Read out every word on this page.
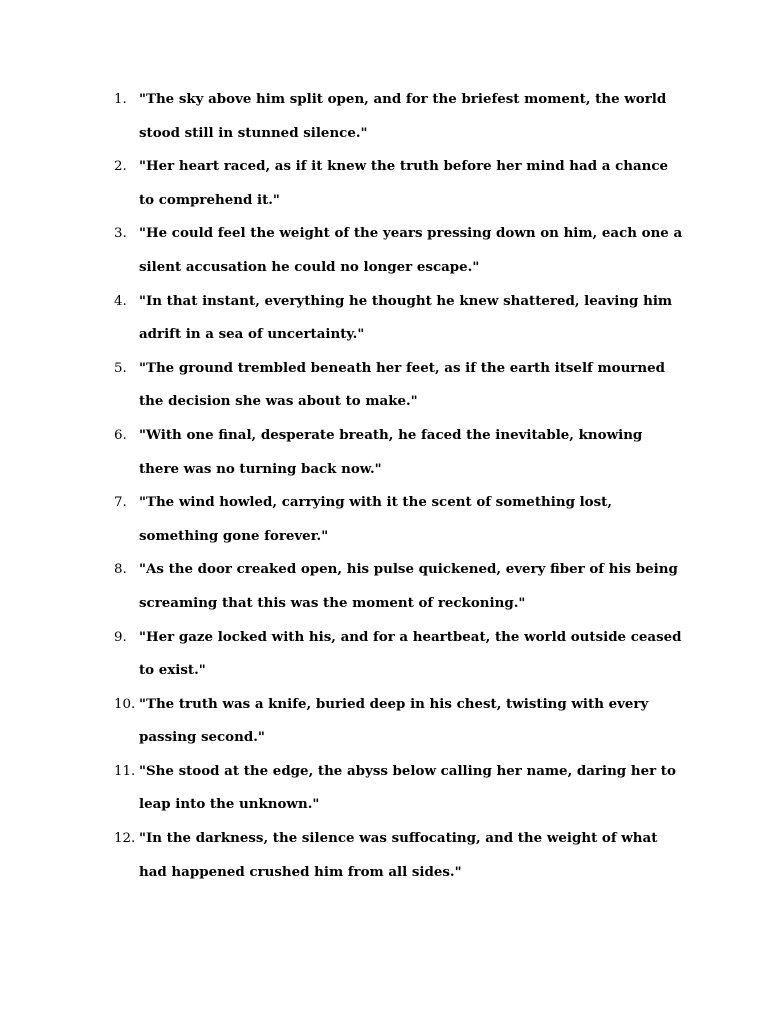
1. "The sky above him split open, and for the briefest moment, the world stood still in stunned silence."
2. "Her heart raced, as if it knew the truth before her mind had a chance to comprehend it."
3. "He could feel the weight of the years pressing down on him, each one a silent accusation he could no longer escape."
4. "In that instant, everything he thought he knew shattered, leaving him adrift in a sea of uncertainty."
5. "The ground trembled beneath her feet, as if the earth itself mourned the decision she was about to make."
6. "With one final, desperate breath, he faced the inevitable, knowing there was no turning back now."
7. "The wind howled, carrying with it the scent of something lost, something gone forever."
8. "As the door creaked open, his pulse quickened, every fiber of his being screaming that this was the moment of reckoning."
9. "Her gaze locked with his, and for a heartbeat, the world outside ceased to exist."
10. "The truth was a knife, buried deep in his chest, twisting with every passing second."
11. "She stood at the edge, the abyss below calling her name, daring her to leap into the unknown."
12. "In the darkness, the silence was suffocating, and the weight of what had happened crushed him from all sides."
